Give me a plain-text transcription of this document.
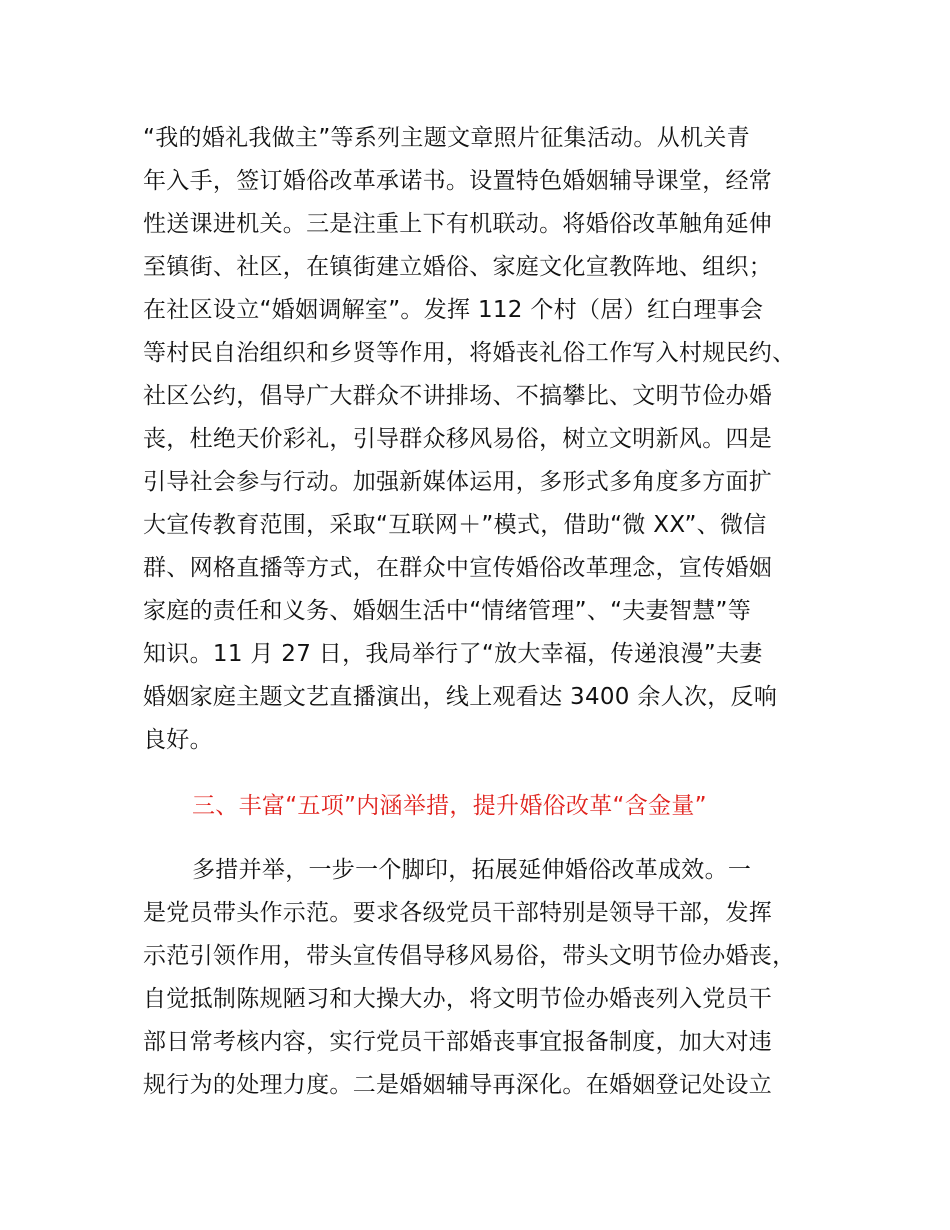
“我的婚礼我做主”等系列主题文章照片征集活动。从机关青
年入手，签订婚俗改革承诺书。设置特色婚姻辅导课堂，经常
性送课进机关。三是注重上下有机联动。将婚俗改革触角延伸
至镇街、社区，在镇街建立婚俗、家庭文化宣教阵地、组织；
在社区设立“婚姻调解室”。发挥 112 个村（居）红白理事会
等村民自治组织和乡贤等作用，将婚丧礼俗工作写入村规民约、
社区公约，倡导广大群众不讲排场、不搞攀比、文明节俭办婚
丧，杜绝天价彩礼，引导群众移风易俗，树立文明新风。四是
引导社会参与行动。加强新媒体运用，多形式多角度多方面扩
大宣传教育范围，采取“互联网＋”模式，借助“微 XX”、微信
群、网格直播等方式，在群众中宣传婚俗改革理念，宣传婚姻
家庭的责任和义务、婚姻生活中“情绪管理”、“夫妻智慧”等
知识。11 月 27 日，我局举行了“放大幸福，传递浪漫”夫妻
婚姻家庭主题文艺直播演出，线上观看达 3400 余人次，反响
良好。
三、丰富“五项”内涵举措，提升婚俗改革“含金量”
多措并举，一步一个脚印，拓展延伸婚俗改革成效。一
是党员带头作示范。要求各级党员干部特别是领导干部，发挥
示范引领作用，带头宣传倡导移风易俗，带头文明节俭办婚丧，
自觉抵制陈规陋习和大操大办，将文明节俭办婚丧列入党员干
部日常考核内容，实行党员干部婚丧事宜报备制度，加大对违
规行为的处理力度。二是婚姻辅导再深化。在婚姻登记处设立
